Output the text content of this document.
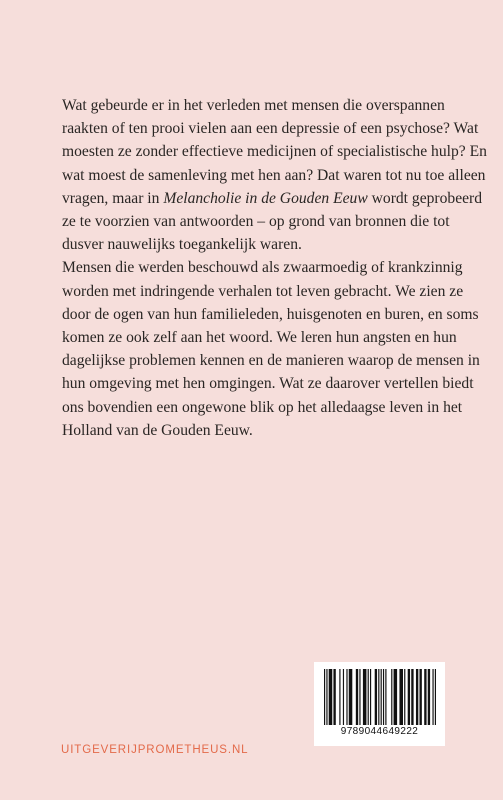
Wat gebeurde er in het verleden met mensen die overspannen raakten of ten prooi vielen aan een depressie of een psychose? Wat moesten ze zonder effectieve medicijnen of specialistische hulp? En wat moest de samenleving met hen aan? Dat waren tot nu toe alleen vragen, maar in Melancholie in de Gouden Eeuw wordt geprobeerd ze te voorzien van antwoorden – op grond van bronnen die tot dusver nauwelijks toegankelijk waren.

Mensen die werden beschouwd als zwaarmoedig of krankzinnig worden met indringende verhalen tot leven gebracht. We zien ze door de ogen van hun familieleden, huisgenoten en buren, en soms komen ze ook zelf aan het woord. We leren hun angsten en hun dagelijkse problemen kennen en de manieren waarop de mensen in hun omgeving met hen omgingen. Wat ze daarover vertellen biedt ons bovendien een ongewone blik op het alledaagse leven in het Holland van de Gouden Eeuw.

UITGEVERIJPROMETHEUS.NL
9789044649222
